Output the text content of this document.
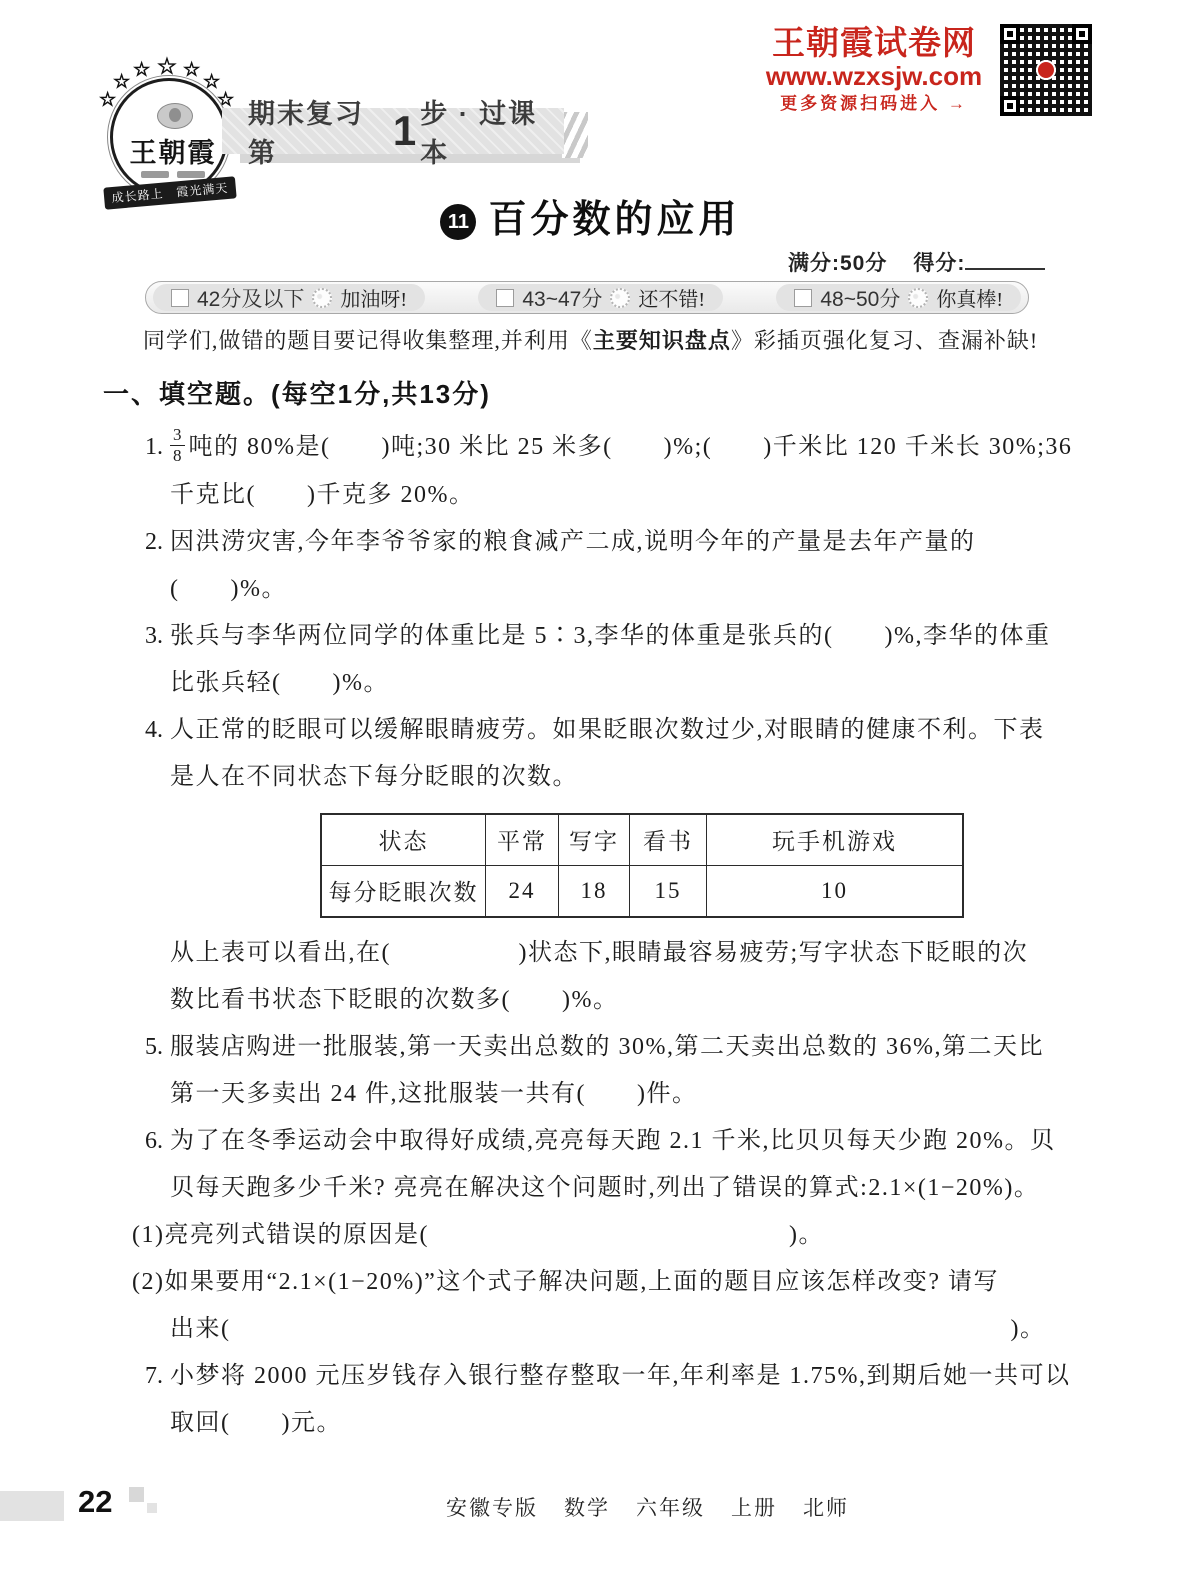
王朝霞试卷网
www.wzxsjw.com
更多资源扫码进入 →
★
★
★
★
★
★
★
王朝霞
成长路上　霞光满天
期末复习第	1 步 · 过课本
11 百分数的应用
满分:50分 得分:
42分及以下 加油呀!	43~47分 还不错!	48~50分 你真棒!
同学们,做错的题目要记得收集整理,并利用《主要知识盘点》彩插页强化复习、查漏补缺!
一、填空题。(每空1分,共13分)
1. $\frac{3}{8}$ 吨的 80%是(　　)吨;30 米比 25 米多(　　)%;(　　)千米比 120 千米长 30%;36
千克比(　　)千克多 20%。
2. 因洪涝灾害,今年李爷爷家的粮食减产二成,说明今年的产量是去年产量的
(　　)%。
3. 张兵与李华两位同学的体重比是 5∶3,李华的体重是张兵的(　　)%,李华的体重
比张兵轻(　　)%。
4. 人正常的眨眼可以缓解眼睛疲劳。如果眨眼次数过少,对眼睛的健康不利。下表
是人在不同状态下每分眨眼的次数。
状态	平常	写字	看书	玩手机游戏
每分眨眼次数	24	18	15	10
从上表可以看出,在(　　　　　)状态下,眼睛最容易疲劳;写字状态下眨眼的次
数比看书状态下眨眼的次数多(　　)%。
5. 服装店购进一批服装,第一天卖出总数的 30%,第二天卖出总数的 36%,第二天比
第一天多卖出 24 件,这批服装一共有(　　)件。
6. 为了在冬季运动会中取得好成绩,亮亮每天跑 2.1 千米,比贝贝每天少跑 20%。贝
贝每天跑多少千米? 亮亮在解决这个问题时,列出了错误的算式:2.1×(1−20%)。
(1)亮亮列式错误的原因是(	)。
(2)如果要用“2.1×(1−20%)”这个式子解决问题,上面的题目应该怎样改变? 请写
出来(	)。
7. 小梦将 2000 元压岁钱存入银行整存整取一年,年利率是 1.75%,到期后她一共可以
取回(　　)元。
22	安徽专版 数学 六年级 上册 北师
